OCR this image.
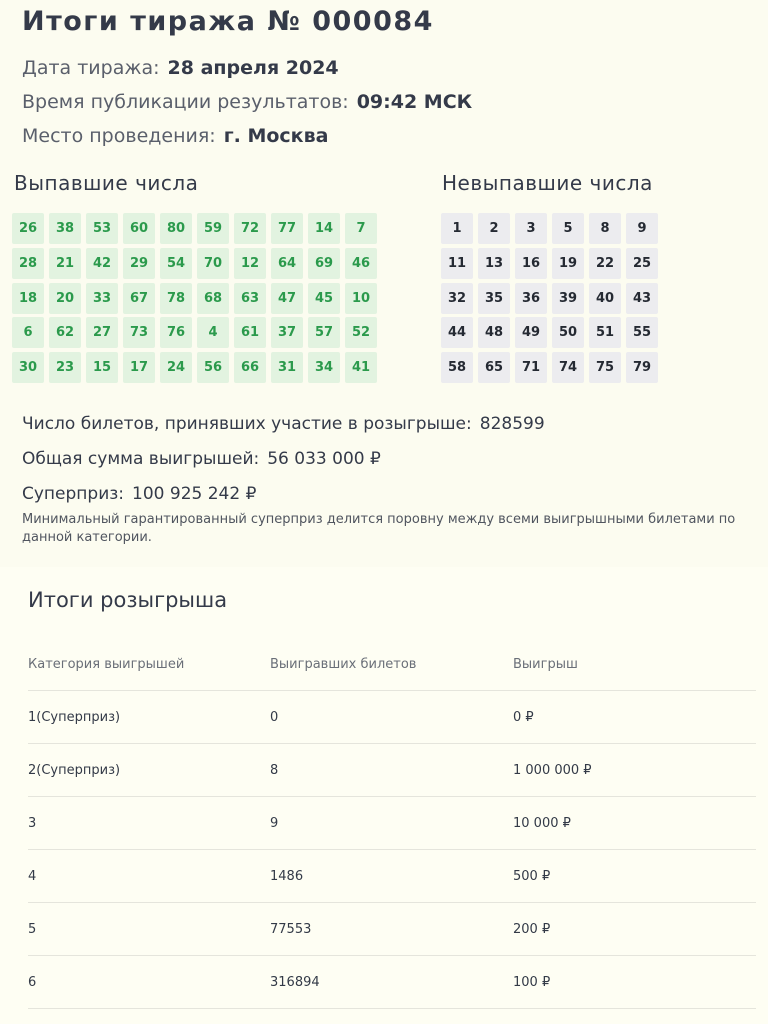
Итоги тиража № 000084
Дата тиража: 28 апреля 2024
Время публикации результатов: 09:42 МСК
Место проведения: г. Москва
Выпавшие числа	Невыпавшие числа
26	38	53	60	80	59	72	77	14	7
28	21	42	29	54	70	12	64	69	46
18	20	33	67	78	68	63	47	45	10
6	62	27	73	76	4	61	37	57	52
30	23	15	17	24	56	66	31	34	41
1	2	3	5	8	9
11	13	16	19	22	25
32	35	36	39	40	43
44	48	49	50	51	55
58	65	71	74	75	79
Число билетов, принявших участие в розыгрыше: 828599
Общая сумма выигрышей: 56 033 000 ₽
Суперприз: 100 925 242 ₽
Минимальный гарантированный суперприз делится поровну между всеми выигрышными билетами по данной категории.
Итоги розыгрыша
Категория выигрышей	Выигравших билетов	Выигрыш
1(Суперприз)	0	0 ₽
2(Суперприз)	8	1 000 000 ₽
3	9	10 000 ₽
4	1486	500 ₽
5	77553	200 ₽
6	316894	100 ₽
